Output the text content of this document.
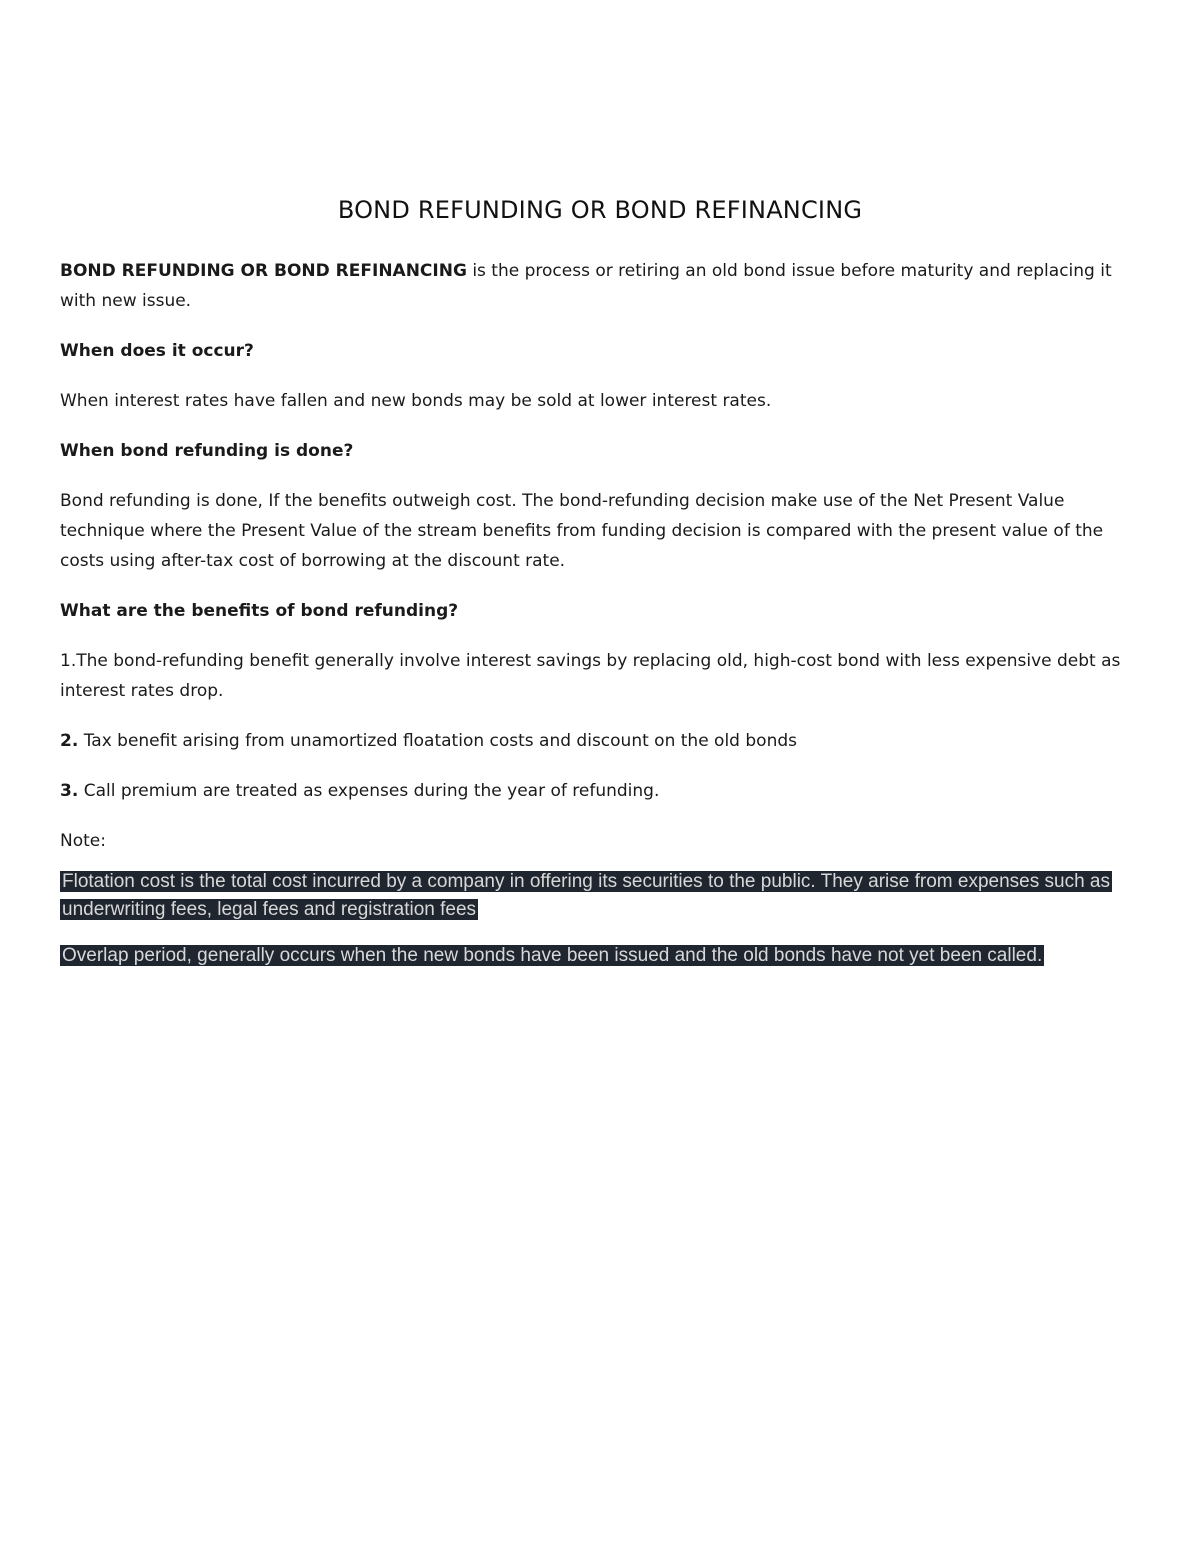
BOND REFUNDING OR BOND REFINANCING

BOND REFUNDING OR BOND REFINANCING is the process or retiring an old bond issue before maturity and replacing it with new issue.

When does it occur?

When interest rates have fallen and new bonds may be sold at lower interest rates.

When bond refunding is done?

Bond refunding is done, If the benefits outweigh cost. The bond-refunding decision make use of the Net Present Value technique where the Present Value of the stream benefits from funding decision is compared with the present value of the costs using after-tax cost of borrowing at the discount rate.

What are the benefits of bond refunding?

1.The bond-refunding benefit generally involve interest savings by replacing old, high-cost bond with less expensive debt as interest rates drop.

2. Tax benefit arising from unamortized floatation costs and discount on the old bonds

3. Call premium are treated as expenses during the year of refunding.

Note:

Flotation cost is the total cost incurred by a company in offering its securities to the public. They arise from expenses such as underwriting fees, legal fees and registration fees

Overlap period, generally occurs when the new bonds have been issued and the old bonds have not yet been called.
